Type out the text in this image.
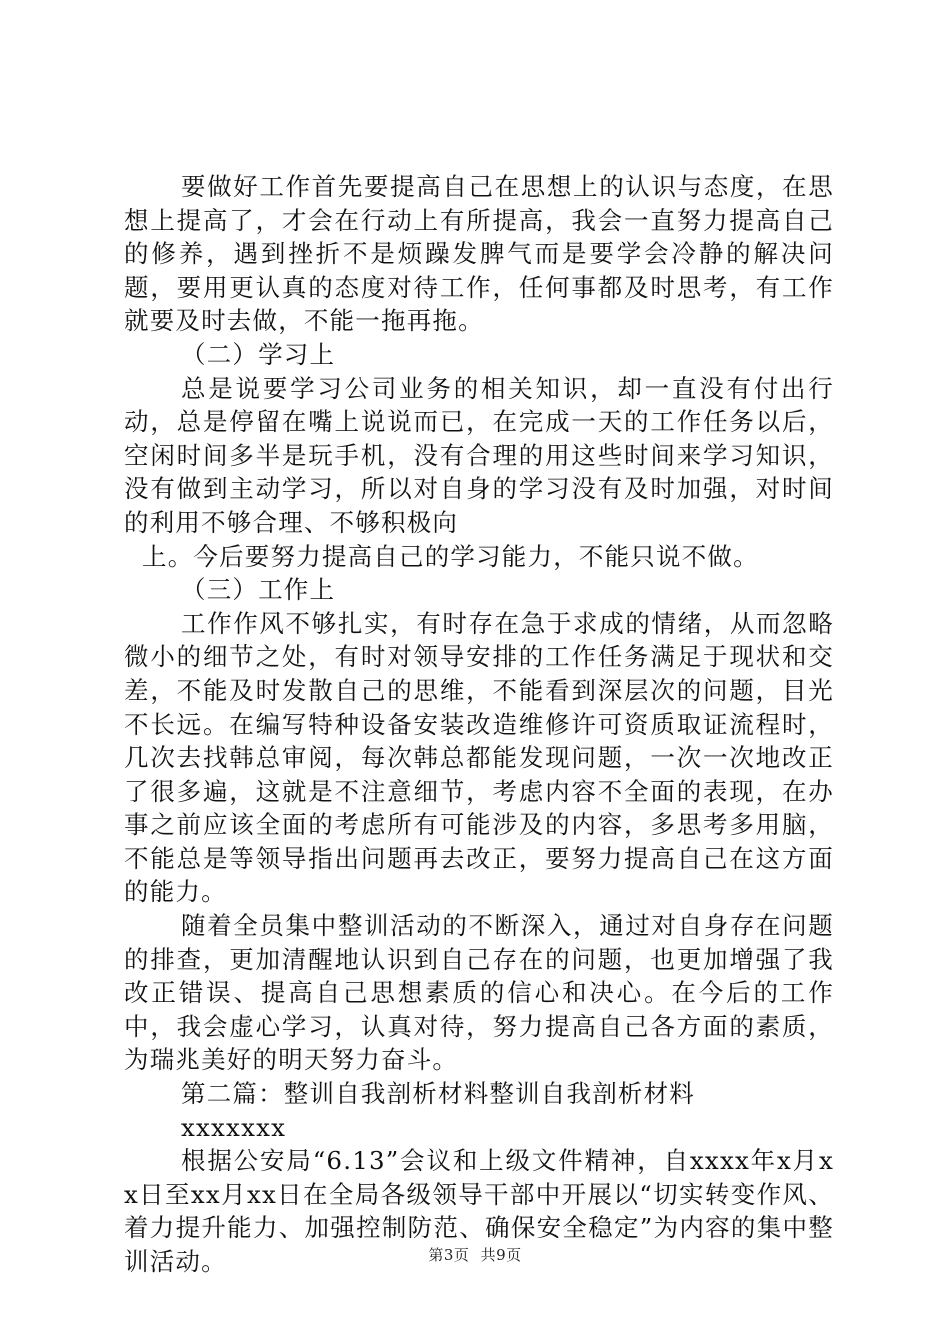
要做好工作首先要提高自己在思想上的认识与态度，在思想上提高了，才会在行动上有所提高，我会一直努力提高自己的修养，遇到挫折不是烦躁发脾气而是要学会冷静的解决问题，要用更认真的态度对待工作，任何事都及时思考，有工作就要及时去做，不能一拖再拖。

（二）学习上

总是说要学习公司业务的相关知识，却一直没有付出行动，总是停留在嘴上说说而已，在完成一天的工作任务以后，空闲时间多半是玩手机，没有合理的用这些时间来学习知识，没有做到主动学习，所以对自身的学习没有及时加强，对时间的利用不够合理、不够积极向

上。今后要努力提高自己的学习能力，不能只说不做。

（三）工作上

工作作风不够扎实，有时存在急于求成的情绪，从而忽略微小的细节之处，有时对领导安排的工作任务满足于现状和交差，不能及时发散自己的思维，不能看到深层次的问题，目光不长远。在编写特种设备安装改造维修许可资质取证流程时，几次去找韩总审阅，每次韩总都能发现问题，一次一次地改正了很多遍，这就是不注意细节，考虑内容不全面的表现，在办事之前应该全面的考虑所有可能涉及的内容，多思考多用脑，不能总是等领导指出问题再去改正，要努力提高自己在这方面的能力。

随着全员集中整训活动的不断深入，通过对自身存在问题的排查，更加清醒地认识到自己存在的问题，也更加增强了我改正错误、提高自己思想素质的信心和决心。在今后的工作中，我会虚心学习，认真对待，努力提高自己各方面的素质，为瑞兆美好的明天努力奋斗。

第二篇：整训自我剖析材料整训自我剖析材料

xxxxxxx

根据公安局“6.13”会议和上级文件精神，自xxxx年x月xx日至xx月xx日在全局各级领导干部中开展以“切实转变作风、着力提升能力、加强控制防范、确保安全稳定”为内容的集中整训活动。	第3页 共9页
